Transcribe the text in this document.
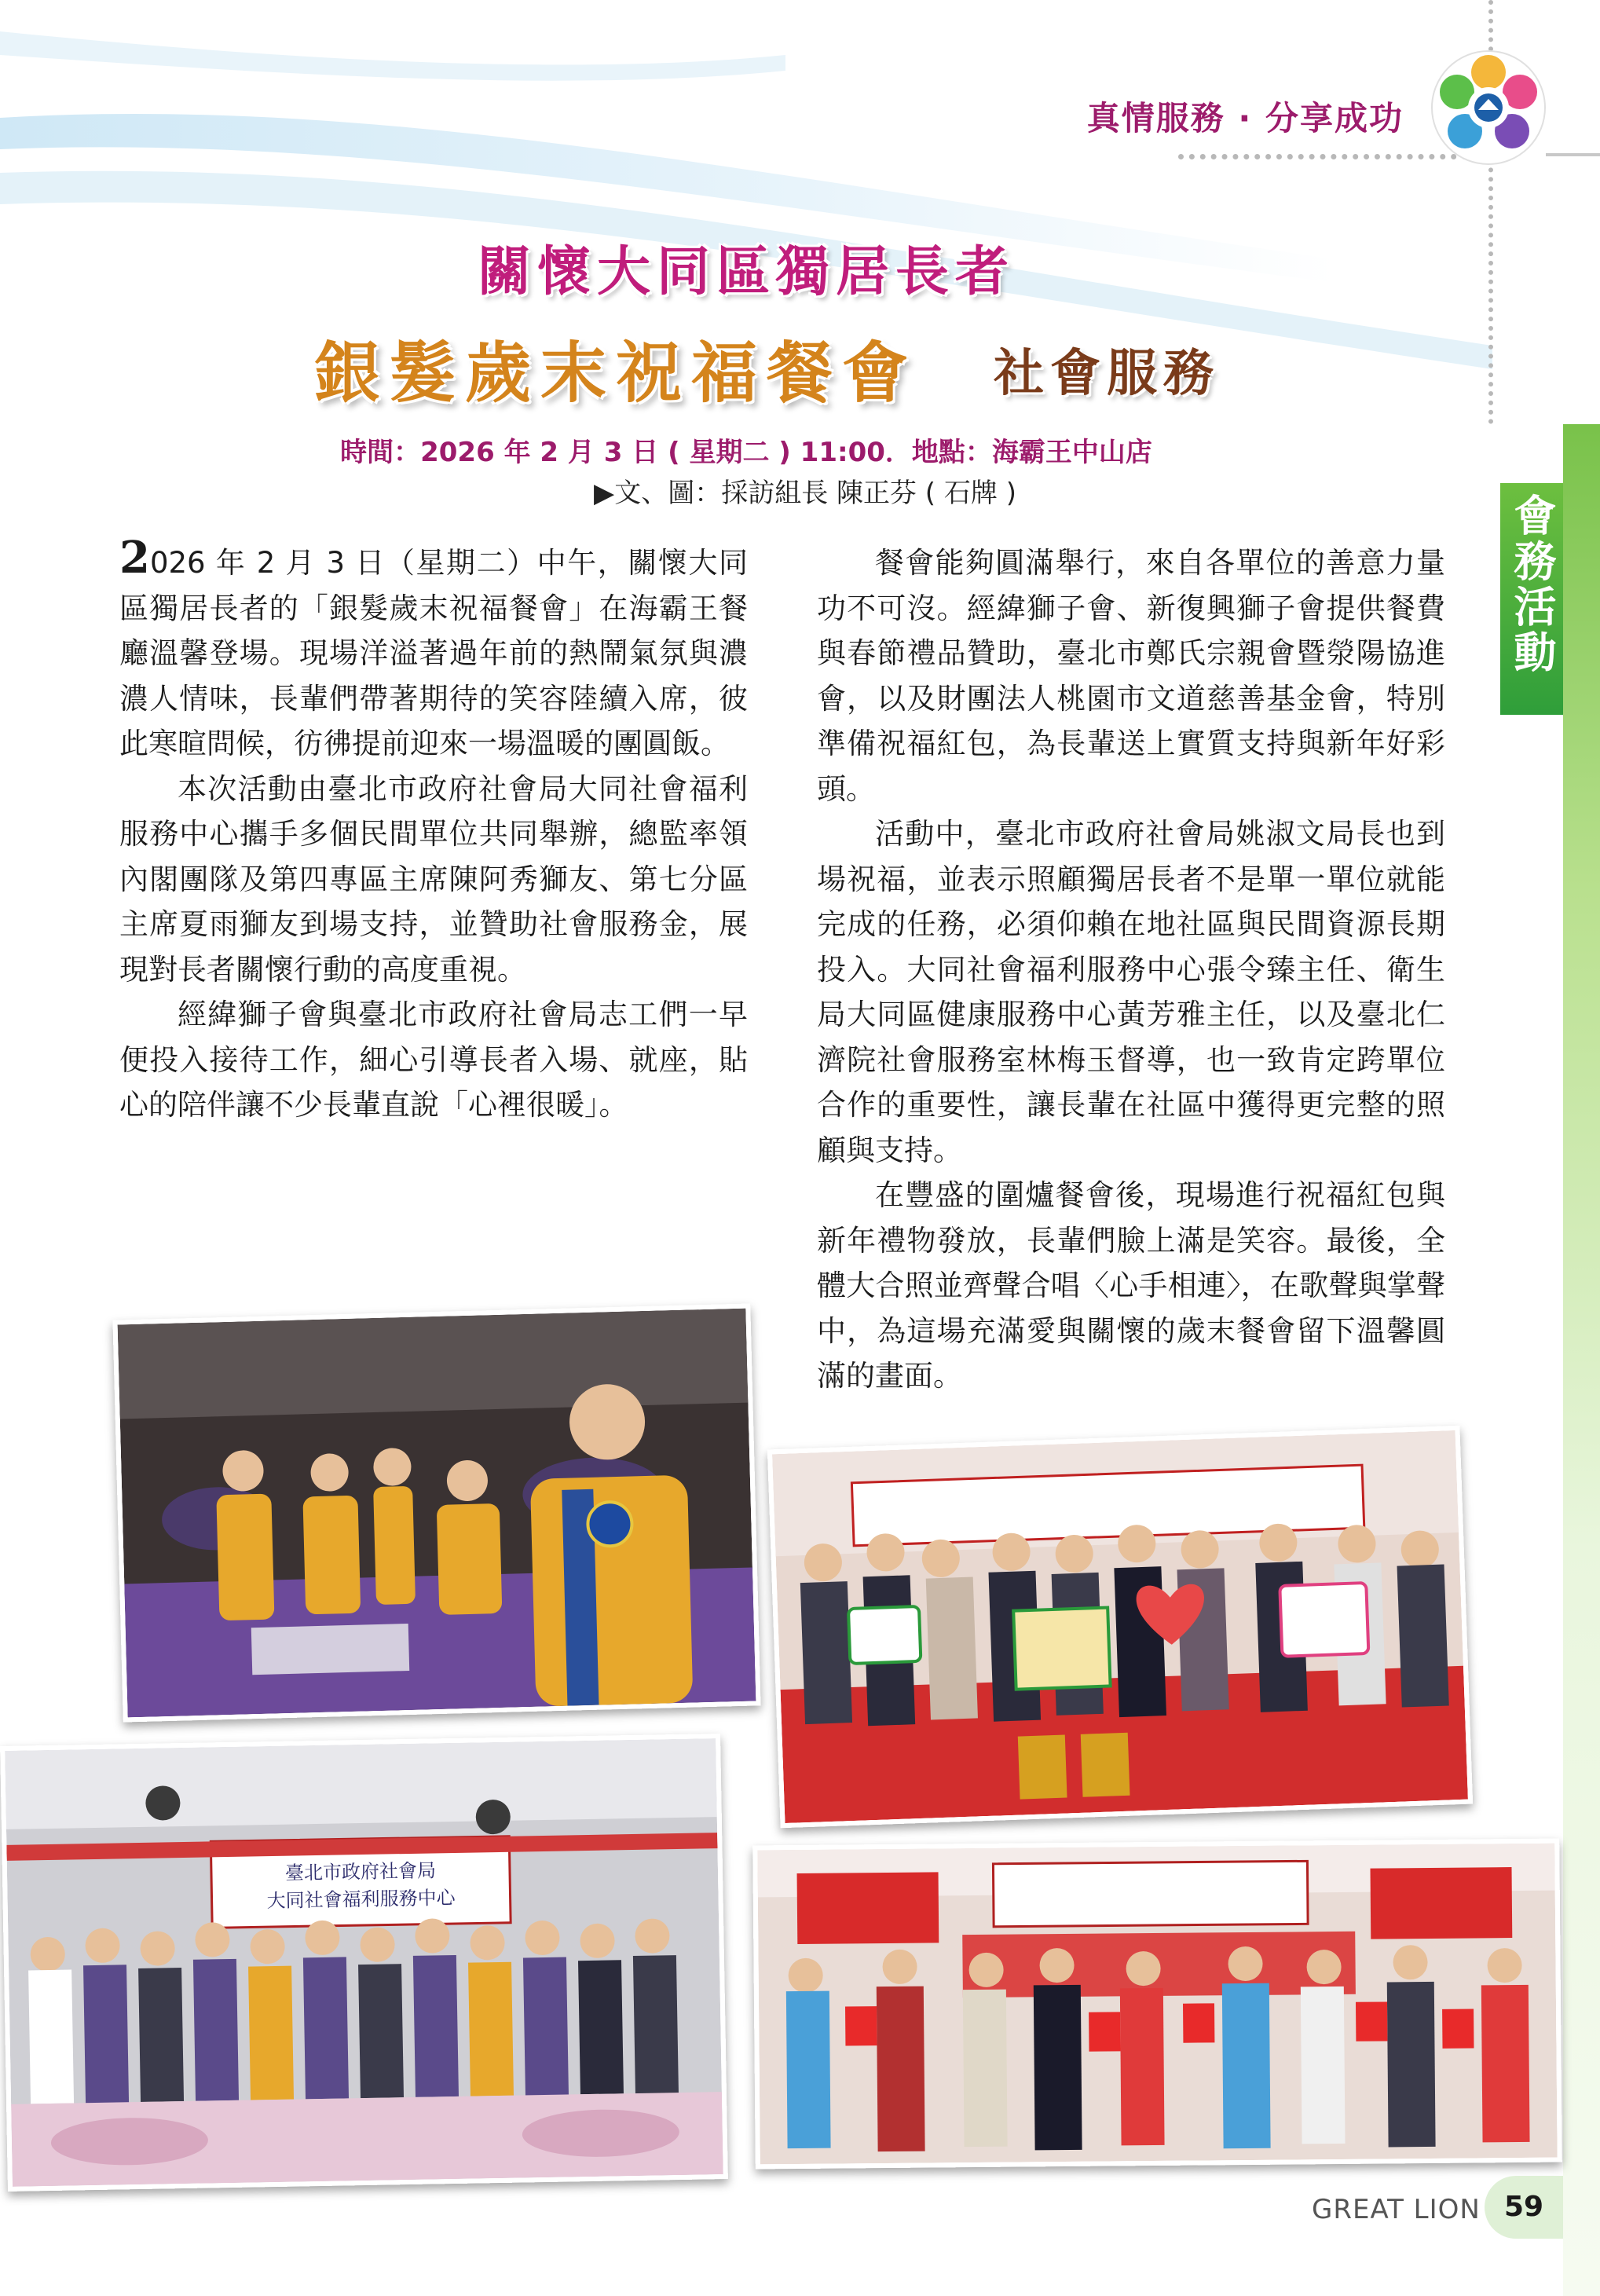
真情服務 · 分享成功
會務活動
關懷大同區獨居長者
銀髮歲末祝福餐會 社會服務
時間：2026 年 2 月 3 日 ( 星期二 ) 11:00．地點：海霸王中山店
▶文、圖：採訪組長 陳正芬 ( 石牌 )

2026 年 2 月 3 日（星期二）中午，關懷大同區獨居長者的「銀髮歲末祝福餐會」在海霸王餐廳溫馨登場。現場洋溢著過年前的熱鬧氣氛與濃濃人情味，長輩們帶著期待的笑容陸續入席，彼此寒暄問候，彷彿提前迎來一場溫暖的團圓飯。

本次活動由臺北市政府社會局大同社會福利服務中心攜手多個民間單位共同舉辦，總監率領內閣團隊及第四專區主席陳阿秀獅友、第七分區主席夏雨獅友到場支持，並贊助社會服務金，展現對長者關懷行動的高度重視。

經緯獅子會與臺北市政府社會局志工們一早便投入接待工作，細心引導長者入場、就座，貼心的陪伴讓不少長輩直說「心裡很暖」。

餐會能夠圓滿舉行，來自各單位的善意力量功不可沒。經緯獅子會、新復興獅子會提供餐費與春節禮品贊助，臺北市鄭氏宗親會暨滎陽協進會，以及財團法人桃園市文道慈善基金會，特別準備祝福紅包，為長輩送上實質支持與新年好彩頭。

活動中，臺北市政府社會局姚淑文局長也到場祝福，並表示照顧獨居長者不是單一單位就能完成的任務，必須仰賴在地社區與民間資源長期投入。大同社會福利服務中心張令臻主任、衛生局大同區健康服務中心黃芳雅主任，以及臺北仁濟院社會服務室林梅玉督導，也一致肯定跨單位合作的重要性，讓長輩在社區中獲得更完整的照顧與支持。

在豐盛的圍爐餐會後，現場進行祝福紅包與新年禮物發放，長輩們臉上滿是笑容。最後，全體大合照並齊聲合唱〈心手相連〉，在歌聲與掌聲中，為這場充滿愛與關懷的歲末餐會留下溫馨圓滿的畫面。

臺北市政府社會局
大同社會福利服務中心
GREAT LION 59
